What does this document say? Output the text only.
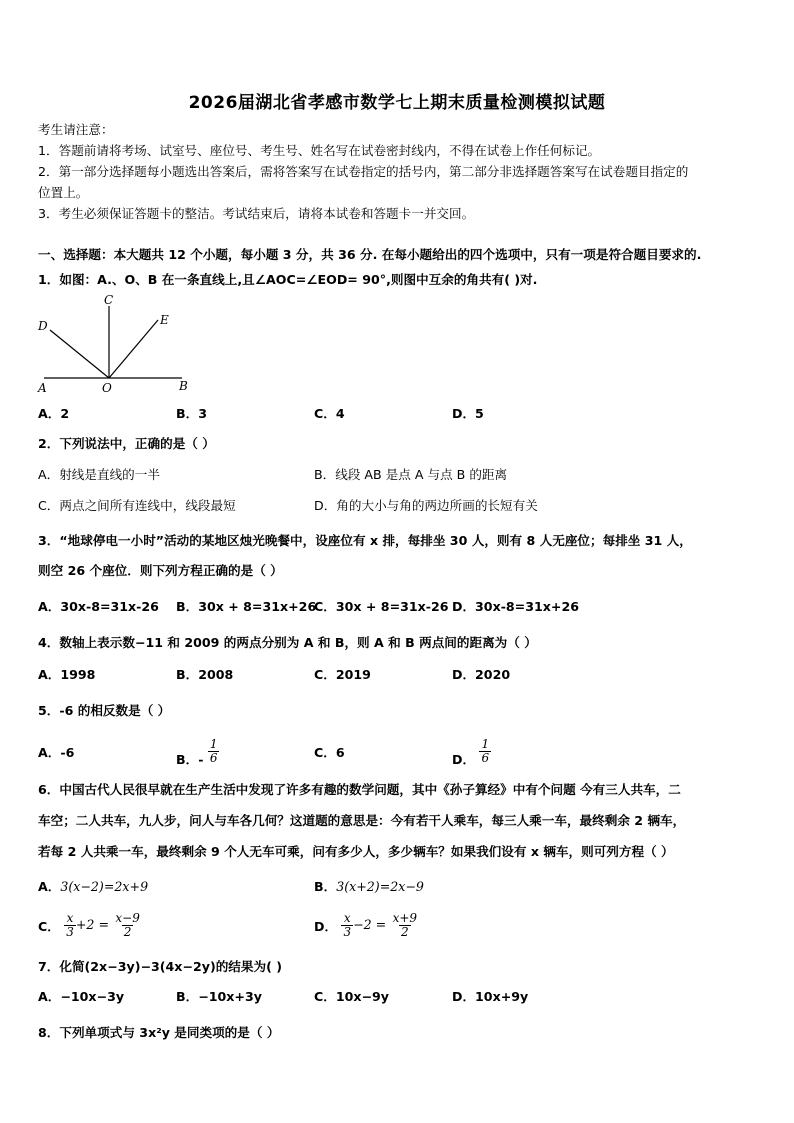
2026届湖北省孝感市数学七上期末质量检测模拟试题
考生请注意：
1．答题前请将考场、试室号、座位号、考生号、姓名写在试卷密封线内，不得在试卷上作任何标记。
2．第一部分选择题每小题选出答案后，需将答案写在试卷指定的括号内，第二部分非选择题答案写在试卷题目指定的
位置上。
3．考生必须保证答题卡的整洁。考试结束后，请将本试卷和答题卡一并交回。
一、选择题：本大题共 12 个小题，每小题 3 分，共 36 分. 在每小题给出的四个选项中，只有一项是符合题目要求的.
1．如图：A.、O、B 在一条直线上,且∠AOC=∠EOD= 90°,则图中互余的角共有( )对.
A	O	B
C
D	E
A．2	B．3	C．4	D．5
2．下列说法中，正确的是（ ）
A．射线是直线的一半	B．线段 AB 是点 A 与点 B 的距离
C．两点之间所有连线中，线段最短	D．角的大小与角的两边所画的长短有关
3．“地球停电一小时”活动的某地区烛光晚餐中，设座位有 x 排，每排坐 30 人，则有 8 人无座位；每排坐 31 人，
则空 26 个座位．则下列方程正确的是（ ）
A．30x-8=31x-26 B．30x + 8=31x+26
C．30x + 8=31x-26 D．30x-8=31x+26
4．数轴上表示数−11 和 2009 的两点分别为 A 和 B，则 A 和 B 两点间的距离为（ ）
A．1998	B．2008	C．2019	D．2020
5．-6 的相反数是（ ）
A．-6	B．- $\frac{1}{6}$	C．6	D． $\frac{1}{6}$
6．中国古代人民很早就在生产生活中发现了许多有趣的数学问题，其中《孙子算经》中有个问题 今有三人共车，二
车空；二人共车，九人步，问人与车各几何？这道题的意思是：今有若干人乘车，每三人乘一车，最终剩余 2 辆车，
若每 2 人共乘一车，最终剩余 9 个人无车可乘，问有多少人，多少辆车？如果我们设有 x 辆车，则可列方程（ ）
A．3(x−2)=2x+9	B．3(x+2)=2x−9
C． $\frac{x}{3} +2 = \frac{x-9}{2}$	D． $\frac{x}{3} -2 = \frac{x+9}{2}$
7．化简(2x−3y)−3(4x−2y)的结果为( )
A．−10x−3y	B．−10x+3y	C．10x−9y	D．10x+9y
8．下列单项式与 3x²y 是同类项的是（ ）
